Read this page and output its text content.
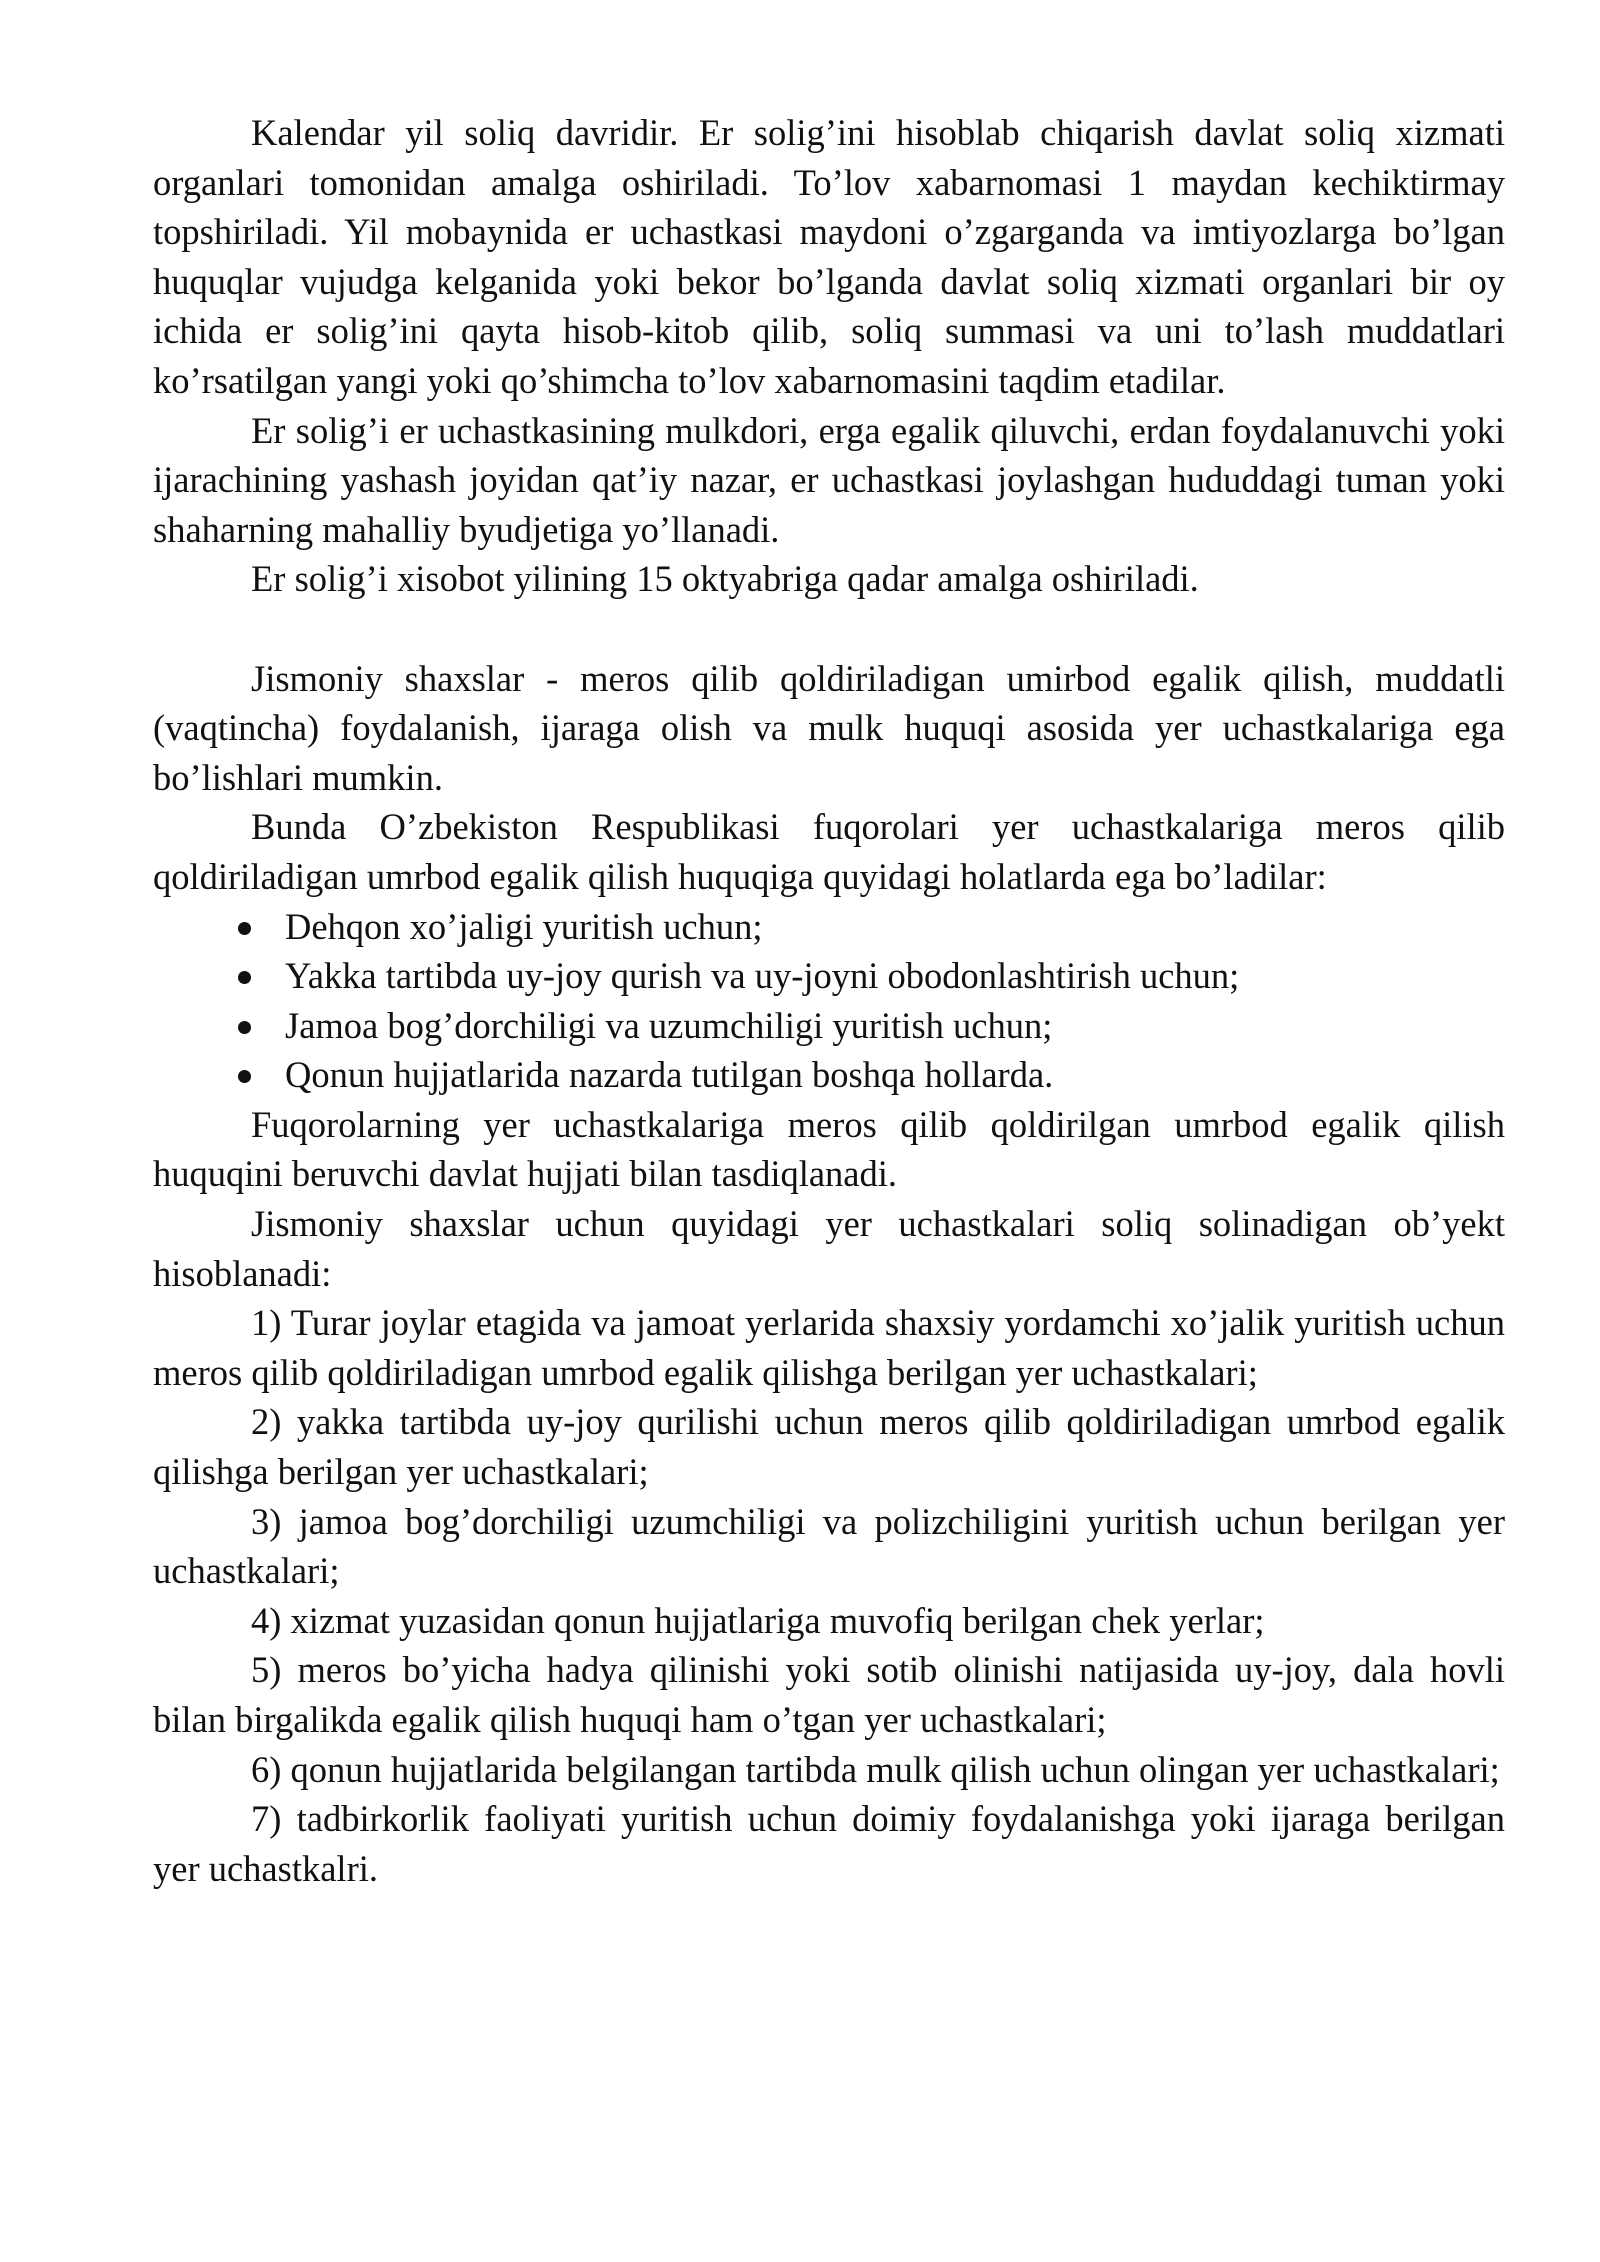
Kalendar yil soliq davridir. Er solig’ini hisoblab chiqarish davlat soliq xizmati organlari tomonidan amalga oshiriladi. To’lov xabarnomasi 1 maydan kechiktirmay topshiriladi. Yil mobaynida er uchastkasi maydoni o’zgarganda va imtiyozlarga bo’lgan huquqlar vujudga kelganida yoki bekor bo’lganda davlat soliq xizmati organlari bir oy ichida er solig’ini qayta hisob-kitob qilib, soliq summasi va uni to’lash muddatlari ko’rsatilgan yangi yoki qo’shimcha to’lov xabarnomasini taqdim etadilar.

Er solig’i er uchastkasining mulkdori, erga egalik qiluvchi, erdan foydalanuvchi yoki ijarachining yashash joyidan qat’iy nazar, er uchastkasi joylashgan hududdagi tuman yoki shaharning mahalliy byudjetiga yo’llanadi.

Er solig’i xisobot yilining 15 oktyabriga qadar amalga oshiriladi.

Jismoniy shaxslar - meros qilib qoldiriladigan umirbod egalik qilish, muddatli (vaqtincha) foydalanish, ijaraga olish va mulk huquqi asosida yer uchastkalariga ega bo’lishlari mumkin.

Bunda O’zbekiston Respublikasi fuqorolari yer uchastkalariga meros qilib qoldiriladigan umrbod egalik qilish huquqiga quyidagi holatlarda ega bo’ladilar:

Dehqon xo’jaligi yuritish uchun;
Yakka tartibda uy-joy qurish va uy-joyni obodonlashtirish uchun;
Jamoa bog’dorchiligi va uzumchiligi yuritish uchun;
Qonun hujjatlarida nazarda tutilgan boshqa hollarda.

Fuqorolarning yer uchastkalariga meros qilib qoldirilgan umrbod egalik qilish huquqini beruvchi davlat hujjati bilan tasdiqlanadi.

Jismoniy shaxslar uchun quyidagi yer uchastkalari soliq solinadigan ob’yekt hisoblanadi:

1) Turar joylar etagida va jamoat yerlarida shaxsiy yordamchi xo’jalik yuritish uchun meros qilib qoldiriladigan umrbod egalik qilishga berilgan yer uchastkalari;

2) yakka tartibda uy-joy qurilishi uchun meros qilib qoldiriladigan umrbod egalik qilishga berilgan yer uchastkalari;

3) jamoa bog’dorchiligi uzumchiligi va polizchiligini yuritish uchun berilgan yer uchastkalari;

4) xizmat yuzasidan qonun hujjatlariga muvofiq berilgan chek yerlar;

5) meros bo’yicha hadya qilinishi yoki sotib olinishi natijasida uy-joy, dala hovli bilan birgalikda egalik qilish huquqi ham o’tgan yer uchastkalari;

6) qonun hujjatlarida belgilangan tartibda mulk qilish uchun olingan yer uchastkalari;

7) tadbirkorlik faoliyati yuritish uchun doimiy foydalanishga yoki ijaraga berilgan yer uchastkalri.
